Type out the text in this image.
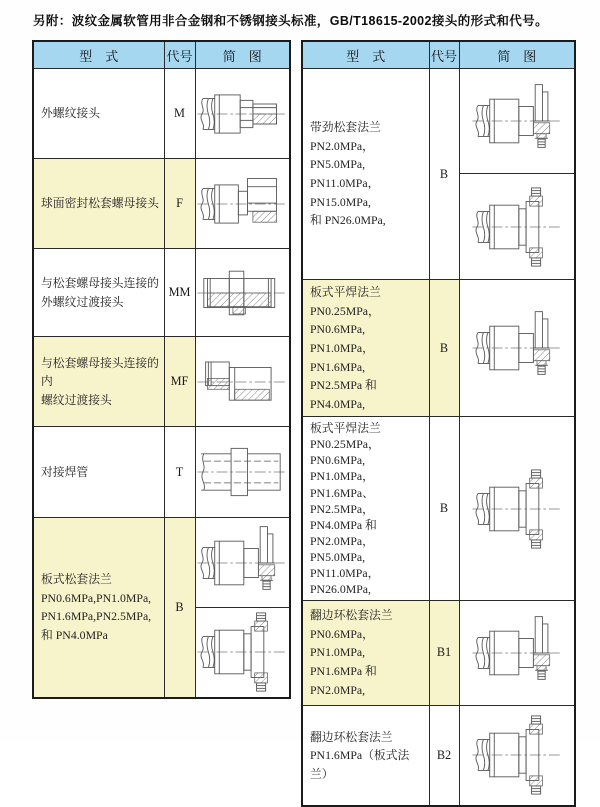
另附：波纹金属软管用非合金钢和不锈钢接头标准，GB/T18615-2002接头的形式和代号。
型　式	代号	简　图

外螺纹接头	M	

球面密封松套螺母接头	F	

与松套螺母接头连接的
外螺纹过渡接头	MM	

与松套螺母接头连接的内
螺纹过渡接头	MF	

对接焊管	T	

板式松套法兰
PN0.6MPa,PN1.0MPa,
PN1.6MPa,PN2.5MPa,
和 PN4.0MPa	B	

型　式	代号	简　图

带劲松套法兰
PN2.0MPa，PN5.0MPa,
PN11.0MPa，PN15.0MPa,
和 PN26.0MPa,	B	

板式平焊法兰
PN0.25MPa，PN0.6MPa,
PN1.0MPa，PN1.6MPa,
PN2.5MPa 和 PN4.0MPa,	B	

板式平焊法兰
PN0.25MPa，PN0.6MPa,
PN1.0MPa，PN1.6MPa、
PN2.5MPa，PN4.0MPa 和
PN2.0MPa，PN5.0MPa,
PN11.0MPa，PN26.0MPa,
	B	

翻边环松套法兰
PN0.6MPa，PN1.0MPa,
PN1.6MPa 和 PN2.0MPa,	B1	

翻边环松套法兰
PN1.6MPa（板式法兰）	B2	
